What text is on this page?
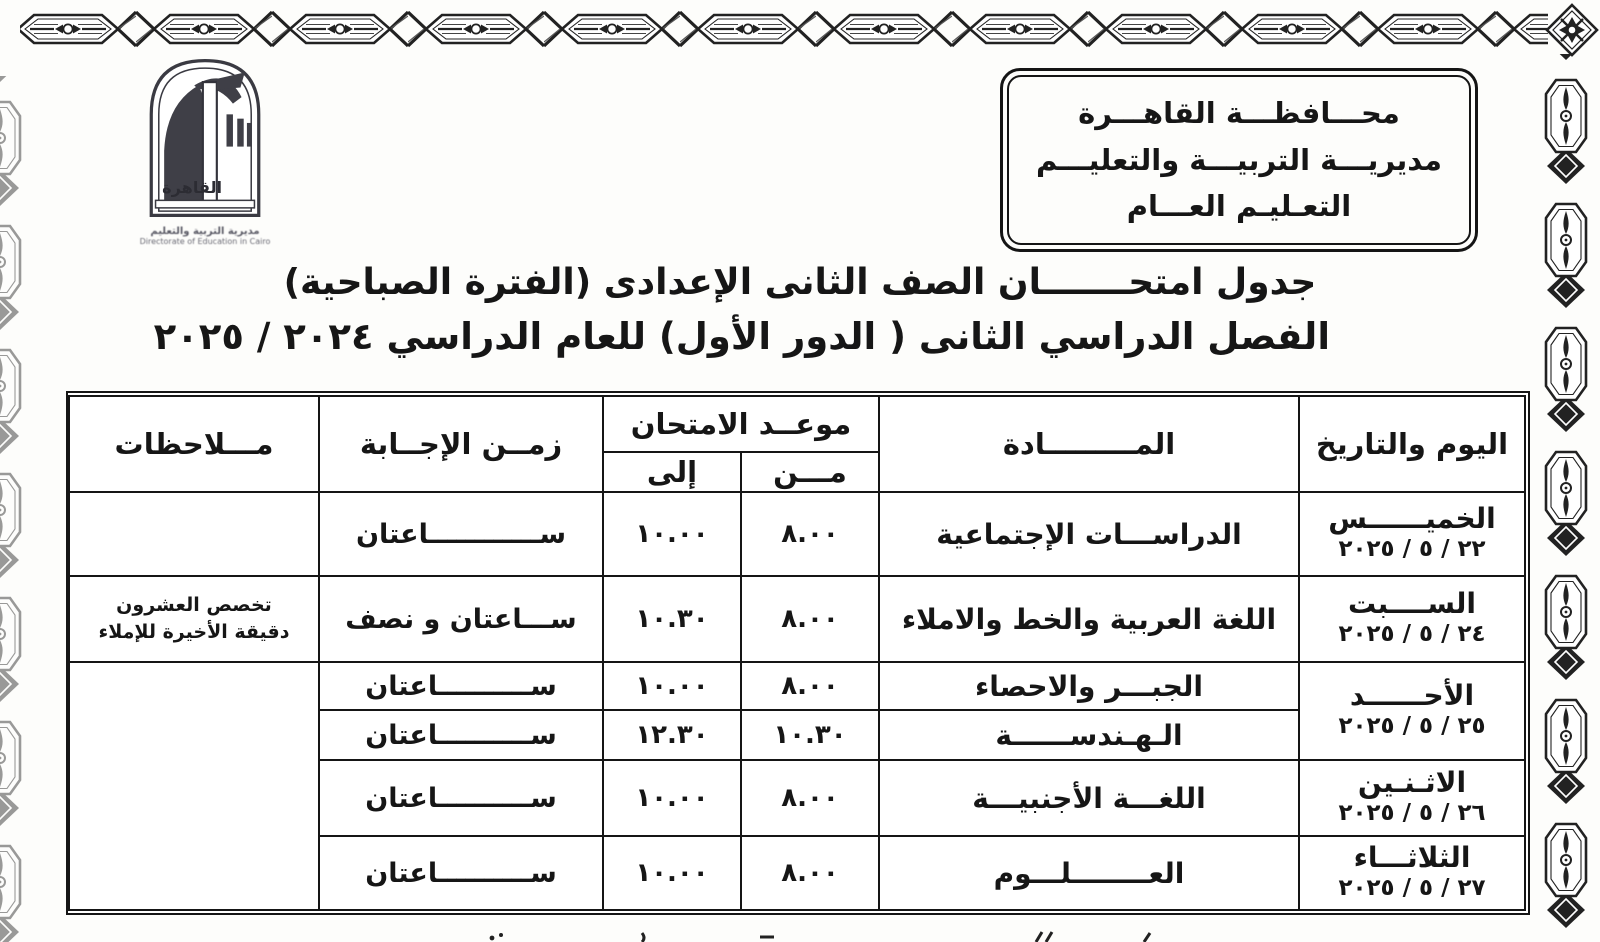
القاهرة
مديرية التربية والتعليم
Directorate of Education in Cairo
محـــافظـــة القاهـــرة
مديريـــة التربيـــة والتعليـــم
التعـليـم العـــام

جدول امتحـــــــان الصف الثانى الإعدادى (الفترة الصباحية)

الفصل الدراسي الثانى ( الدور الأول) للعام الدراسي ٢٠٢٤ / ٢٠٢٥

اليوم والتاريخ	المـــــــــادة	موعــد الامتحان		زمــن الإجــابة	مـــلاحظات
		مـــن	إلى		

الخميــــــس
٢٢ / ٥ / ٢٠٢٥	الدراســـات الإجتماعية	٨.٠٠	١٠.٠٠	ســــــــــــاعتان	

الســــبت
٢٤ / ٥ / ٢٠٢٥	اللغة العربية والخط والاملاء	٨.٠٠	١٠.٣٠	ســـاعتان و نصف	تخصص العشرون دقيقة الأخيرة للإملاء

الأحــــــد
٢٥ / ٥ / ٢٠٢٥	الجبـــر والاحصاء	٨.٠٠	١٠.٠٠	ســــــــــاعتان	
	الـهـندســــــة	١٠.٣٠	١٢.٣٠	ســــــــــاعتان	

الاثـنـين
٢٦ / ٥ / ٢٠٢٥	اللغـــة الأجنبيـــة	٨.٠٠	١٠.٠٠	ســــــــــاعتان	

الثلاثـــاء
٢٧ / ٥ / ٢٠٢٥	العــــــــلـــوم	٨.٠٠	١٠.٠٠	ســــــــــاعتان	
